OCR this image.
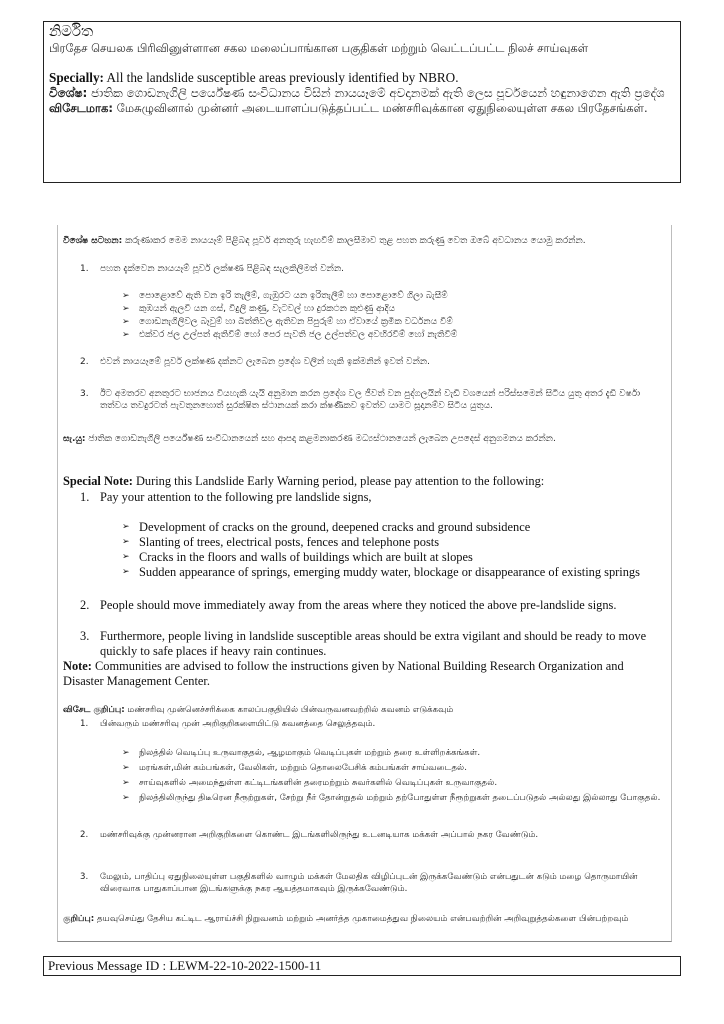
නිර්මිත
பிரதேச செயலக பிரிவினுள்ளான சகல மலைப்பாங்கான பகுதிகள் மற்றும் வெட்டப்பட்ட நிலச் சாய்வுகள்
Specially: All the landslide susceptible areas previously identified by NBRO.
විශේෂ: ජාතික ගොඩනැගිලි පර්යේෂණ සංවිධානය විසින් නායයෑමේ අවදානමක් ඇති ලෙස පූර්වයෙන් හඳුනාගෙන ඇති ප්‍රදේශ
விசேடமாக: மேசுழுவினால் முன்னர் அடையாளப்படுத்தப்பட்ட மண்சரிவுக்கான ஏதுநிலையுள்ள சகல பிரதேசங்கள்.
විශේෂ සටහන: කරුණාකර මෙම නායයෑම් පිළිබඳ පූර්ව අනතුරු හැඟවීම් කාලසීමාව තුළ පහත කරුණු වෙත ඔබේ අවධානය යොමු කරන්න.
1.	පහත දැක්වෙන නායයෑම් පූර්ව ලක්ෂණ පිළිබඳ සැලකිලිමත් වන්න.
➢	පොළොවේ ඇති වන ඉරි තැලීම්, ගැඹුරට යන ඉරිතැලීම් හා පොළොවේ ගිලා බැසීම්
➢	කුඹයන් ඇලවී යන ගස්, විදුලි කණු, වැටවල් හා දුරකථන කුළුණු ආදිය
➢	ගොඩනැගිලිවල බෑවුම් හා බිත්තිවල ඇතිවන පිපුරුම් හා ඒවායේ ක්‍රමික වර්ධනය වීම්
➢	එක්වර ජල උල්පත් ඇතිවීම් හෝ පෙර පැවති ජල උල්පත්වල අවහිරවීම් හෝ නැතිවීම්
2.	එවන් නායයෑමේ පූර්ව ලක්ෂණ දක්නට ලැබෙන ප්‍රදේශ වලින් හැකි ඉක්මනින් ඉවත් වන්න.
3.	ඊට අමතරව අනතුරට භාජනය වියහැකි යැයි අනුමාන කරන ප්‍රදේශ වල ජීවත් වන පුද්ගලයින් වැඩි වශයෙන් පරිස්සමෙන් සිටිය යුතු අතර දැඩි වර්ෂා තත්වය තවදුරටත් පැවතුනහොත් සුරක්ෂිත ස්ථානයක් කරා ක්ෂණිකව ඉවත්ව යාමට සූදානම්ව සිටිය යුතුය.
සැ.යු: ජාතික ගොඩනැගිලි පර්යේෂණ සංවිධානයෙන් සහ ආපදා කළමනාකරණ මධ්‍යස්ථානයෙන් ලැබෙන උපදෙස් අනුගමනය කරන්න.
Special Note: During this Landslide Early Warning period, please pay attention to the following:
1. Pay your attention to the following pre landslide signs,
➢ Development of cracks on the ground, deepened cracks and ground subsidence
➢ Slanting of trees, electrical posts, fences and telephone posts
➢ Cracks in the floors and walls of buildings which are built at slopes
➢ Sudden appearance of springs, emerging muddy water, blockage or disappearance of existing springs
2. People should move immediately away from the areas where they noticed the above pre-landslide signs.
3. Furthermore, people living in landslide susceptible areas should be extra vigilant and should be ready to move quickly to safe places if heavy rain continues.
Note: Communities are advised to follow the instructions given by National Building Research Organization and Disaster Management Center.
விசேட குறிப்பு: மண்சரிவு முன்னெச்சரிக்கை காலப்பகுதியில் பின்வருவனவற்றில் கவனம் எடுக்கவும்
1.	பின்வரும் மண்சரிவு முன் அறிகுறிகளையிட்டு கவனத்தை செலுத்தவும்.
➢	நிலத்தில் வெடிப்பு உருவாகுதல், ஆழமாகும் வெடிப்புகள் மற்றும் தரை உள்ளிறக்கங்கள்.
➢	மரங்கள்,மின் கம்பங்கள், வேலிகள், மற்றும் தொலைபேசிக் கம்பங்கள் சாய்வடைதல்.
➢	சாய்வுகளில் அமைந்துள்ள கட்டிடங்களின் தரைமற்றும் சுவர்களில் வெடிப்புகள் உருவாகுதல்.
➢	நிலத்திலிருந்து திடீரென நீரூற்றுகள், சேற்று நீர் தோன்றுதல் மற்றும் தற்போதுள்ள நீரூற்றுகள் தடைப்படுதல் அல்லது இல்லாது போகுதல்.
2.	மண்சரிவுக்கு முன்னரான அறிகுறிகளை கொண்ட இடங்களிலிருந்து உடனடியாக மக்கள் அப்பால் நகர வேண்டும்.
3.	மேலும், பாதிப்பு ஏதுநிலையுள்ள பகுதிகளில் வாழும் மக்கள் மேலதிக விழிப்புடன் இருக்கவேண்டும் என்பதுடன் கடும் மழை தொருமாயின் விரைவாக பாதுகாப்பான இடங்களுக்கு நகர ஆயத்தமாகவும் இருக்கவேண்டும்.
குறிப்பு: தயவுசெய்து தேசிய கட்டிட ஆராய்ச்சி நிறுவனம் மற்றும் அனர்த்த முகாமைத்துவ நிலையம் என்பவற்றின் அறிவுறுத்தல்களை பின்பற்றவும்
Previous Message ID : LEWM-22-10-2022-1500-11
